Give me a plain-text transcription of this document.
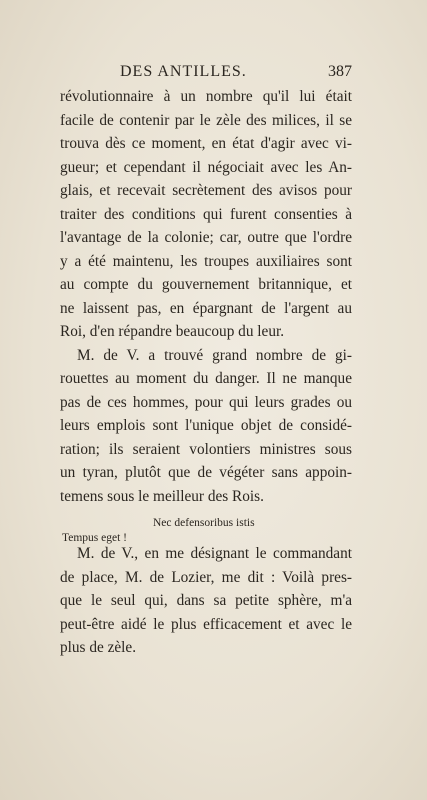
DES ANTILLES.	387
révolutionnaire à un nombre qu'il lui était
facile de contenir par le zèle des milices, il se
trouva dès ce moment, en état d'agir avec vi-
gueur; et cependant il négociait avec les An-
glais, et recevait secrètement des avisos pour
traiter des conditions qui furent consenties à
l'avantage de la colonie; car, outre que l'ordre
y a été maintenu, les troupes auxiliaires sont
au compte du gouvernement britannique, et
ne laissent pas, en épargnant de l'argent au
Roi, d'en répandre beaucoup du leur.
M. de V. a trouvé grand nombre de gi-
rouettes au moment du danger. Il ne manque
pas de ces hommes, pour qui leurs grades ou
leurs emplois sont l'unique objet de considé-
ration; ils seraient volontiers ministres sous
un tyran, plutôt que de végéter sans appoin-
temens sous le meilleur des Rois.
Nec defensoribus istis
Tempus eget !
M. de V., en me désignant le commandant
de place, M. de Lozier, me dit : Voilà pres-
que le seul qui, dans sa petite sphère, m'a
peut-être aidé le plus efficacement et avec le
plus de zèle.
